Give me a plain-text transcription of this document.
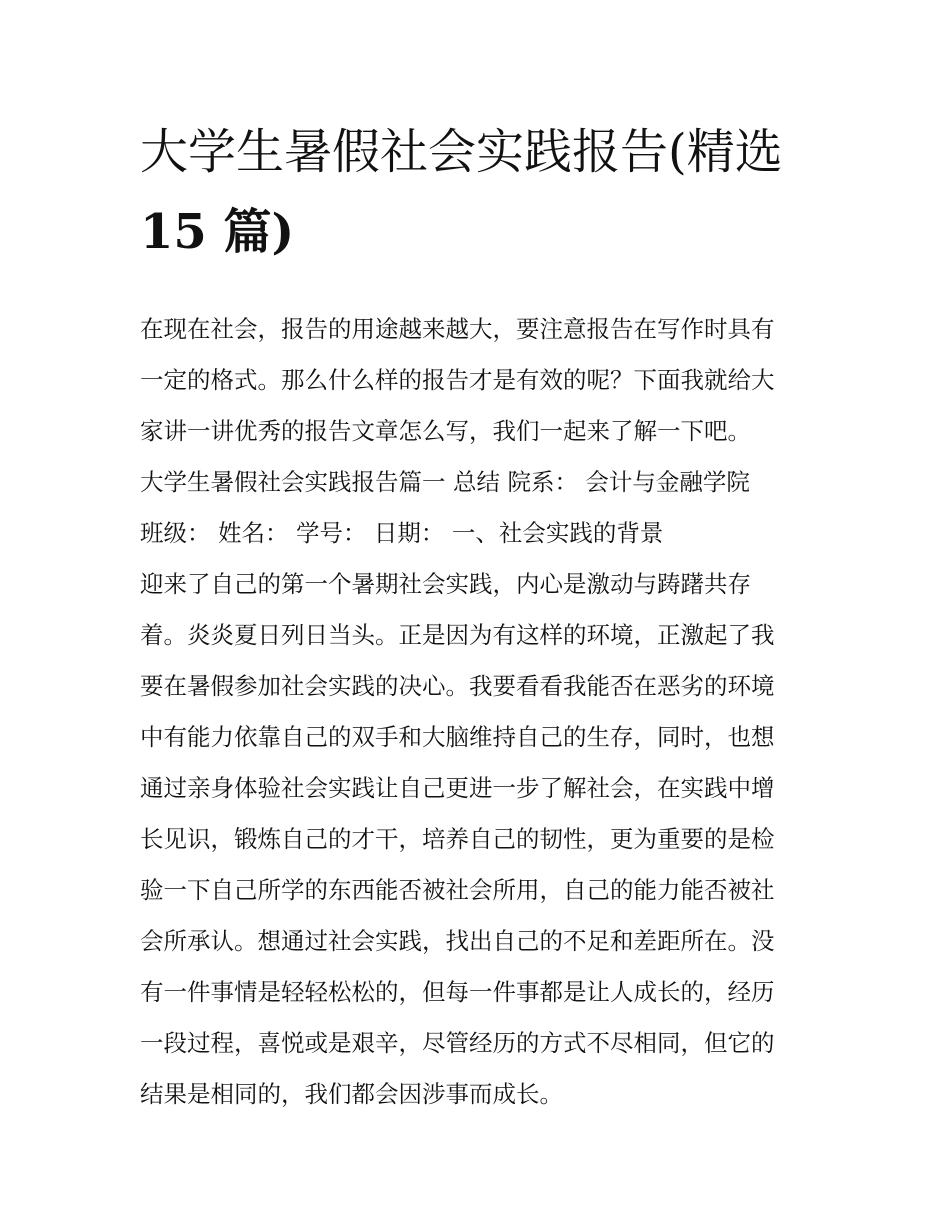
大学生暑假社会实践报告(精选
15 篇)
在现在社会，报告的用途越来越大，要注意报告在写作时具有
一定的格式。那么什么样的报告才是有效的呢？下面我就给大
家讲一讲优秀的报告文章怎么写，我们一起来了解一下吧。
大学生暑假社会实践报告篇一 总结 院系： 会计与金融学院
班级： 姓名： 学号： 日期： 一、社会实践的背景
迎来了自己的第一个暑期社会实践，内心是激动与踌躇共存
着。炎炎夏日列日当头。正是因为有这样的环境，正激起了我
要在暑假参加社会实践的决心。我要看看我能否在恶劣的环境
中有能力依靠自己的双手和大脑维持自己的生存，同时，也想
通过亲身体验社会实践让自己更进一步了解社会，在实践中增
长见识，锻炼自己的才干，培养自己的韧性，更为重要的是检
验一下自己所学的东西能否被社会所用，自己的能力能否被社
会所承认。想通过社会实践，找出自己的不足和差距所在。没
有一件事情是轻轻松松的，但每一件事都是让人成长的，经历
一段过程，喜悦或是艰辛，尽管经历的方式不尽相同，但它的
结果是相同的，我们都会因涉事而成长。
